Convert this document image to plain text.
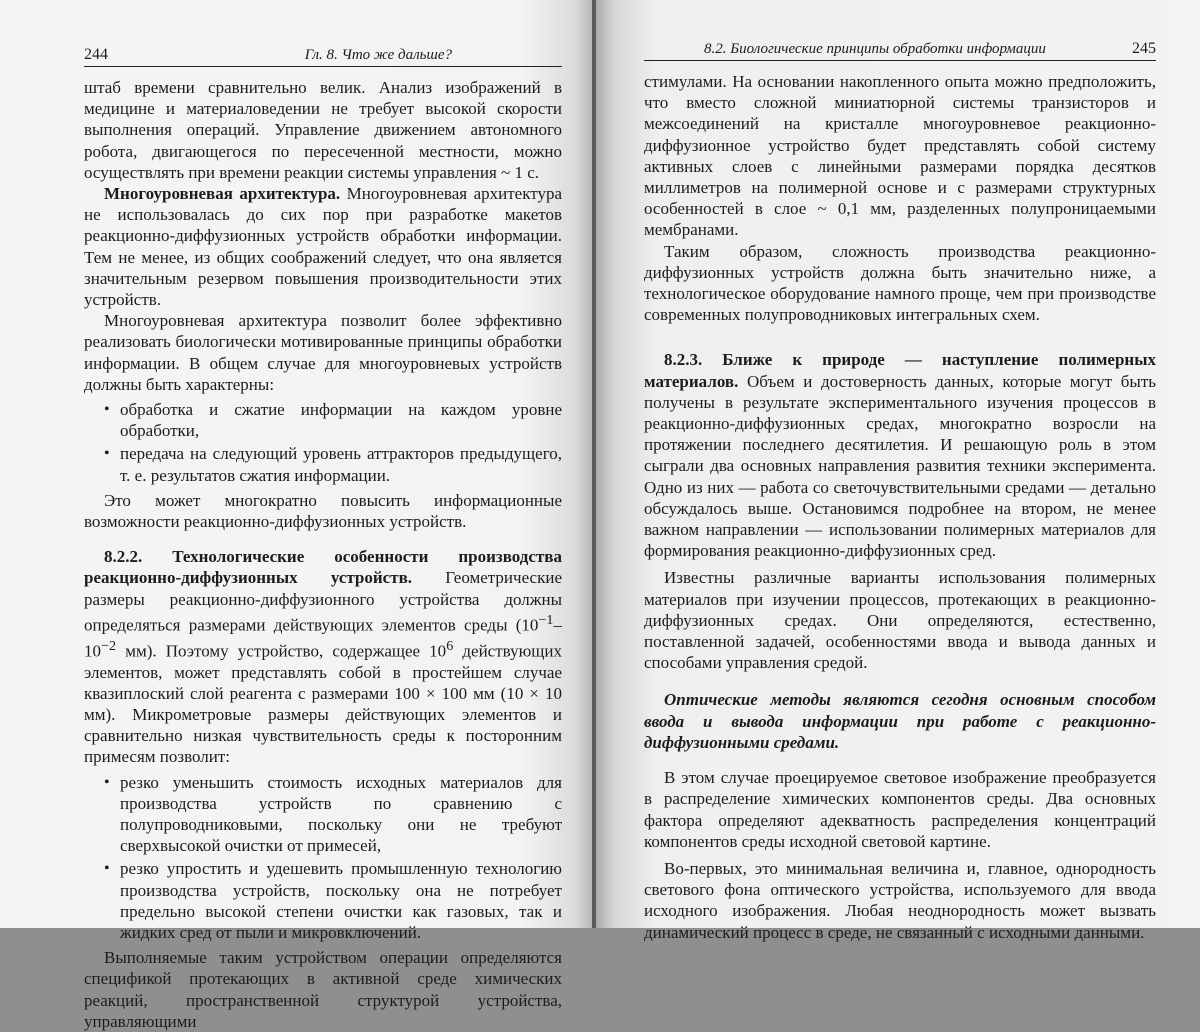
244	Гл. 8. Что же дальше?

штаб времени сравнительно велик. Анализ изображений в медицине и материаловедении не требует высокой скорости выполнения операций. Управление движением автономного робота, двигающегося по пересеченной местности, можно осуществлять при времени реакции системы управления ~ 1 с.

Многоуровневая архитектура. Многоуровневая архитектура не использовалась до сих пор при разработке макетов реакционно-диффузионных устройств обработки информации. Тем не менее, из общих соображений следует, что она является значительным резервом повышения производительности этих устройств.

Многоуровневая архитектура позволит более эффективно реализовать биологически мотивированные принципы обработки информации. В общем случае для многоуровневых устройств должны быть характерны:

• обработка и сжатие информации на каждом уровне обработки,
• передача на следующий уровень аттракторов предыдущего, т. е. результатов сжатия информации.

Это может многократно повысить информационные возможности реакционно-диффузионных устройств.

8.2.2. Технологические особенности производства реакционно-диффузионных устройств. Геометрические размеры реакционно-диффузионного устройства должны определяться размерами действующих элементов среды ($10^{-1}-10^{-2}$ мм). Поэтому устройство, содержащее $10^6$ действующих элементов, может представлять собой в простейшем случае квазиплоский слой реагента с размерами 100 × 100 мм (10 × 10 мм). Микрометровые размеры действующих элементов и сравнительно низкая чувствительность среды к посторонним примесям позволит:

• резко уменьшить стоимость исходных материалов для производства устройств по сравнению с полупроводниковыми, поскольку они не требуют сверхвысокой очистки от примесей,
• резко упростить и удешевить промышленную технологию производства устройств, поскольку она не потребует предельно высокой степени очистки как газовых, так и жидких сред от пыли и микровключений.

Выполняемые таким устройством операции определяются спецификой протекающих в активной среде химических реакций, пространственной структурой устройства, управляющими

8.2. Биологические принципы обработки информации	245

стимулами. На основании накопленного опыта можно предположить, что вместо сложной миниатюрной системы транзисторов и межсоединений на кристалле многоуровневое реакционно-диффузионное устройство будет представлять собой систему активных слоев с линейными размерами порядка десятков миллиметров на полимерной основе и с размерами структурных особенностей в слое ~ 0,1 мм, разделенных полупроницаемыми мембранами.

Таким образом, сложность производства реакционно-диффузионных устройств должна быть значительно ниже, а технологическое оборудование намного проще, чем при производстве современных полупроводниковых интегральных схем.

8.2.3. Ближе к природе — наступление полимерных материалов. Объем и достоверность данных, которые могут быть получены в результате экспериментального изучения процессов в реакционно-диффузионных средах, многократно возросли на протяжении последнего десятилетия. И решающую роль в этом сыграли два основных направления развития техники эксперимента. Одно из них — работа со светочувствительными средами — детально обсуждалось выше. Остановимся подробнее на втором, не менее важном направлении — использовании полимерных материалов для формирования реакционно-диффузионных сред.

Известны различные варианты использования полимерных материалов при изучении процессов, протекающих в реакционно-диффузионных средах. Они определяются, естественно, поставленной задачей, особенностями ввода и вывода данных и способами управления средой.

Оптические методы являются сегодня основным способом ввода и вывода информации при работе с реакционно-диффузионными средами.

В этом случае проецируемое световое изображение преобразуется в распределение химических компонентов среды. Два основных фактора определяют адекватность распределения концентраций компонентов среды исходной световой картине.

Во-первых, это минимальная величина и, главное, однородность светового фона оптического устройства, используемого для ввода исходного изображения. Любая неоднородность может вызвать динамический процесс в среде, не связанный с исходными данными.
